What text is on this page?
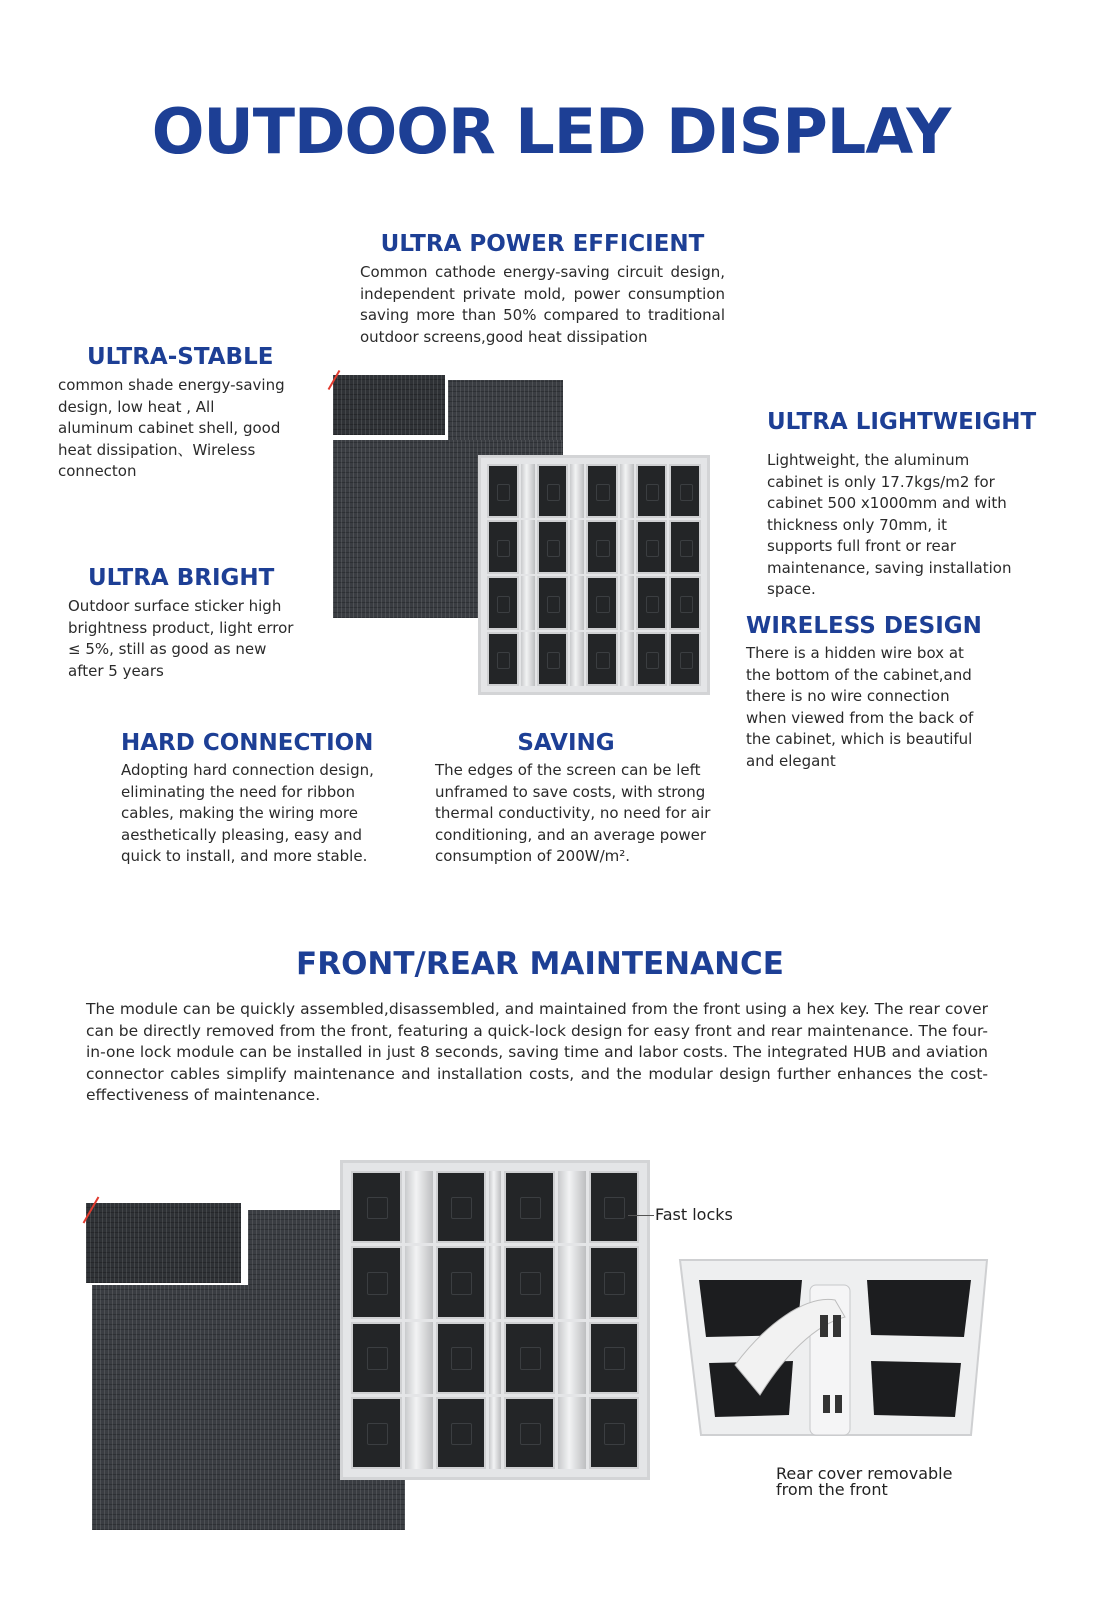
OUTDOOR LED DISPLAY
ULTRA POWER EFFICIENT

Common cathode energy-saving circuit design, independent private mold, power consumption saving more than 50% compared to traditional outdoor screens,good heat dissipation

ULTRA-STABLE

common shade energy-saving design, low heat , All aluminum cabinet shell, good heat dissipation、Wireless connecton

ULTRA BRIGHT

Outdoor surface sticker high brightness product, light error ≤ 5%, still as good as new after 5 years

ULTRA LIGHTWEIGHT

Lightweight, the aluminum cabinet is only 17.7kgs/m2 for cabinet 500 x1000mm and with thickness only 70mm, it supports full front or rear maintenance, saving installation space.

WIRELESS DESIGN

There is a hidden wire box at the bottom of the cabinet,and there is no wire connection when viewed from the back of the cabinet, which is beautiful and elegant

HARD CONNECTION

Adopting hard connection design, eliminating the need for ribbon cables, making the wiring more aesthetically pleasing, easy and quick to install, and more stable.

SAVING

The edges of the screen can be left unframed to save costs, with strong thermal conductivity, no need for air conditioning, and an average power consumption of 200W/m².

FRONT/REAR MAINTENANCE

The module can be quickly assembled,disassembled, and maintained from the front using a hex key. The rear cover can be directly removed from the front, featuring a quick-lock design for easy front and rear maintenance. The four-in-one lock module can be installed in just 8 seconds, saving time and labor costs. The integrated HUB and aviation connector cables simplify maintenance and installation costs, and the modular design further enhances the cost-effectiveness of maintenance.

Fast locks
Rear cover removable
from the front
